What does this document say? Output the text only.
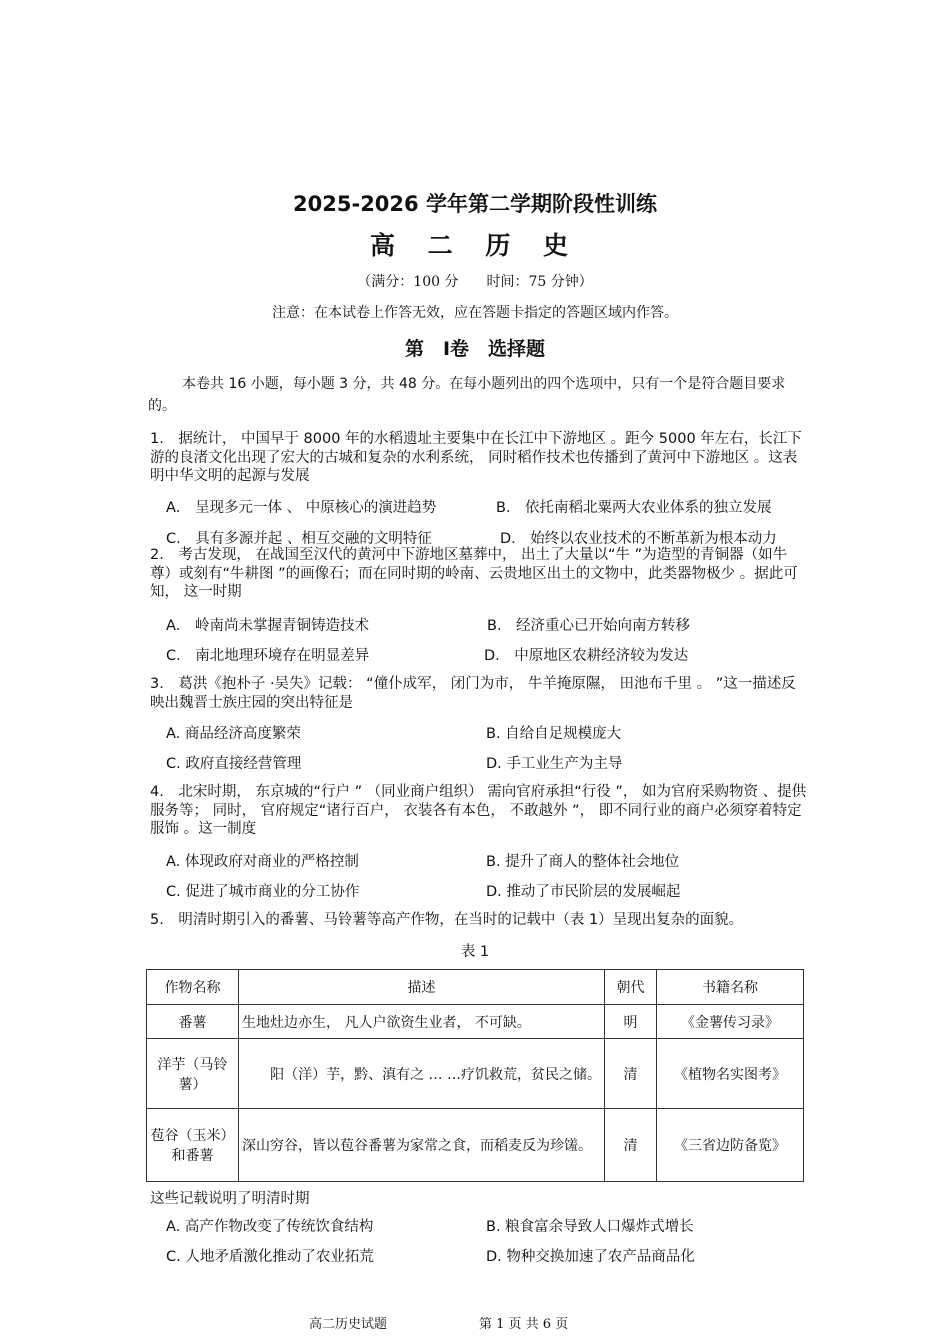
2025-2026 学年第二学期阶段性训练
高 二 历 史
（满分：100 分　　时间：75 分钟）
注意：在本试卷上作答无效，应在答题卡指定的答题区域内作答。
第　Ⅰ卷　选择题
本卷共 16 小题，每小题 3 分，共 48 分。在每小题列出的四个选项中，只有一个是符合题目要求的。
1.　据统计， 中国早于 8000 年的水稻遗址主要集中在长江中下游地区 。距今 5000 年左右，长江下游的良渚文化出现了宏大的古城和复杂的水利系统， 同时稻作技术也传播到了黄河中下游地区 。这表明中华文明的起源与发展
A． 呈现多元一体 、 中原核心的演进趋势	B． 依托南稻北粟两大农业体系的独立发展
C． 具有多源并起 、相互交融的文明特征	D． 始终以农业技术的不断革新为根本动力
2.　考古发现， 在战国至汉代的黄河中下游地区墓葬中， 出土了大量以“牛 ”为造型的青铜器（如牛尊）或刻有“牛耕图 ”的画像石；而在同时期的岭南、云贵地区出土的文物中，此类器物极少 。据此可知， 这一时期
A． 岭南尚未掌握青铜铸造技术	B． 经济重心已开始向南方转移
C． 南北地理环境存在明显差异	D． 中原地区农耕经济较为发达
3.　葛洪《抱朴子 ·吴失》记载： “僮仆成军， 闭门为市， 牛羊掩原隰， 田池布千里 。 ”这一描述反映出魏晋士族庄园的突出特征是
A. 商品经济高度繁荣	B. 自给自足规模庞大
C. 政府直接经营管理	D. 手工业生产为主导
4.　北宋时期， 东京城的“行户 ” （同业商户组织） 需向官府承担“行役 ”， 如为官府采购物资 、提供服务等； 同时， 官府规定“诸行百户， 衣装各有本色， 不敢越外 ”， 即不同行业的商户必须穿着特定服饰 。这一制度
A. 体现政府对商业的严格控制	B. 提升了商人的整体社会地位
C. 促进了城市商业的分工协作	D. 推动了市民阶层的发展崛起
5.　明清时期引入的番薯、马铃薯等高产作物，在当时的记载中（表 1）呈现出复杂的面貌。
表 1
作物名称	描述	朝代	书籍名称
番薯	生地灶边亦生， 凡人户欲资生业者， 不可缺。	明	《金薯传习录》
洋芋（马铃薯）	阳（洋）芋，黔、滇有之 … …疗饥救荒，贫民之储。	清	《植物名实图考》
苞谷（玉米）和番薯	深山穷谷，皆以苞谷番薯为家常之食，而稻麦反为珍馐。	清	《三省边防备览》
这些记载说明了明清时期
A. 高产作物改变了传统饮食结构	B. 粮食富余导致人口爆炸式增长
C. 人地矛盾激化推动了农业拓荒	D. 物种交换加速了农产品商品化
高二历史试题	第 1 页 共 6 页
